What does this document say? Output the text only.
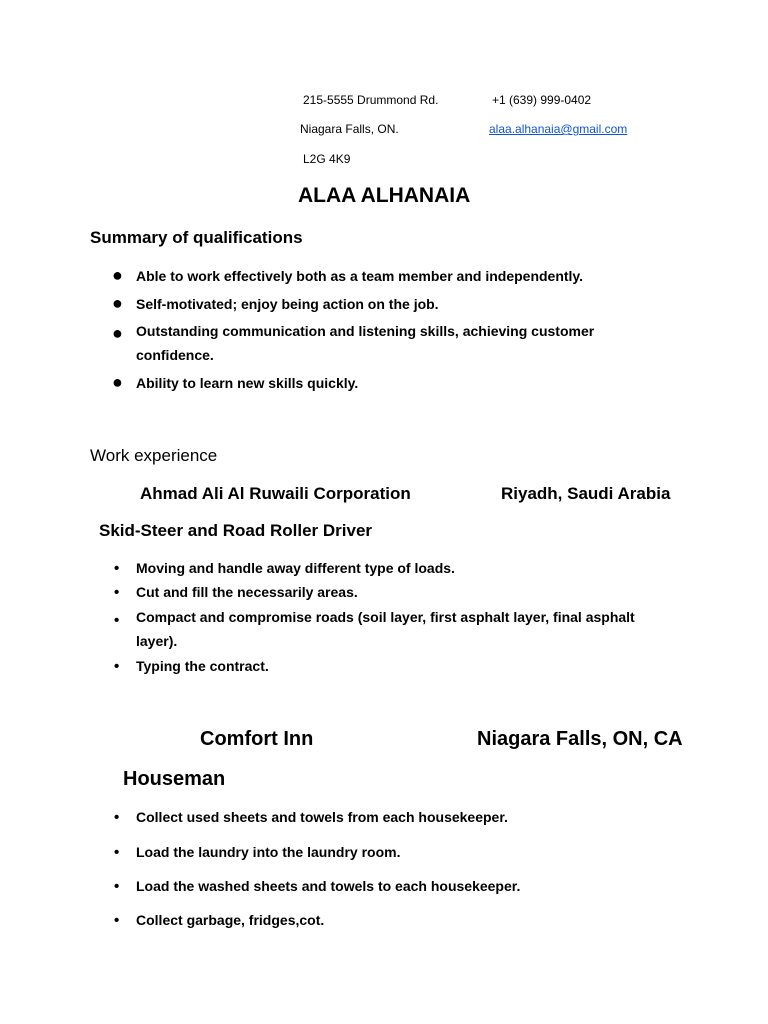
215-5555 Drummond Rd.	+1 (639) 999-0402
Niagara Falls, ON.	alaa.alhanaia@gmail.com
L2G 4K9
ALAA ALHANAIA
Summary of qualifications
● Able to work effectively both as a team member and independently.
● Self-motivated; enjoy being action on the job.
● Outstanding communication and listening skills, achieving customer confidence.
● Ability to learn new skills quickly.
Work experience
Ahmad Ali Al Ruwaili Corporation	Riyadh, Saudi Arabia
Skid-Steer and Road Roller Driver
• Moving and handle away different type of loads.
• Cut and fill the necessarily areas.
• Compact and compromise roads (soil layer, first asphalt layer, final asphalt layer).
• Typing the contract.
Comfort Inn	Niagara Falls, ON, CA
Houseman
• Collect used sheets and towels from each housekeeper.
• Load the laundry into the laundry room.
• Load the washed sheets and towels to each housekeeper.
• Collect garbage, fridges,cot.
